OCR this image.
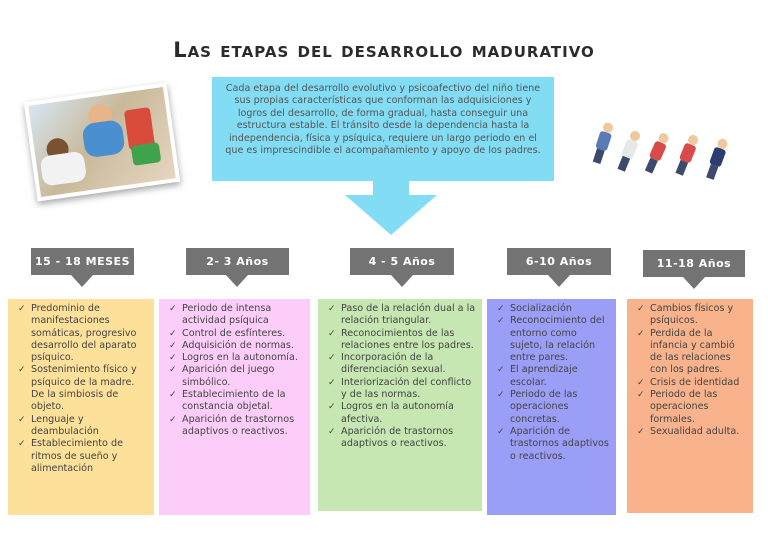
Las etapas del desarrollo madurativo
Cada etapa del desarrollo evolutivo y psicoafectivo del niño tiene sus propias características que conforman las adquisiciones y logros del desarrollo, de forma gradual, hasta conseguir una estructura estable. El tránsito desde la dependencia hasta la independencia, física y psíquica, requiere un largo periodo en el que es imprescindible el acompañamiento y apoyo de los padres.
15 - 18 MESES	2- 3 Años	4 - 5 Años	6-10 Años	11-18 Años
✓ Predominio de manifestaciones somáticas, progresivo desarrollo del aparato psíquico.
✓ Sostenimiento físico y psíquico de la madre. De la simbiosis de objeto.
✓ Lenguaje y deambulación
✓ Establecimiento de ritmos de sueño y alimentación
✓ Periodo de intensa actividad psíquica
✓ Control de esfínteres.
✓ Adquisición de normas.
✓ Logros en la autonomía.
✓ Aparición del juego simbólico.
✓ Establecimiento de la constancia objetal.
✓ Aparición de trastornos adaptivos o reactivos.
✓ Paso de la relación dual a la relación triangular.
✓ Reconocimientos de las relaciones entre los padres.
✓ Incorporación de la diferenciación sexual.
✓ Interiorización del conflicto y de las normas.
✓ Logros en la autonomía afectiva.
✓ Aparición de trastornos adaptivos o reactivos.
✓ Socialización
✓ Reconocimiento del entorno como sujeto, la relación entre pares.
✓ El aprendizaje escolar.
✓ Periodo de las operaciones concretas.
✓ Aparición de trastornos adaptivos o reactivos.
✓ Cambios físicos y psíquicos.
✓ Perdida de la infancia y cambió de las relaciones con los padres.
✓ Crisis de identidad
✓ Periodo de las operaciones formales.
✓ Sexualidad adulta.
